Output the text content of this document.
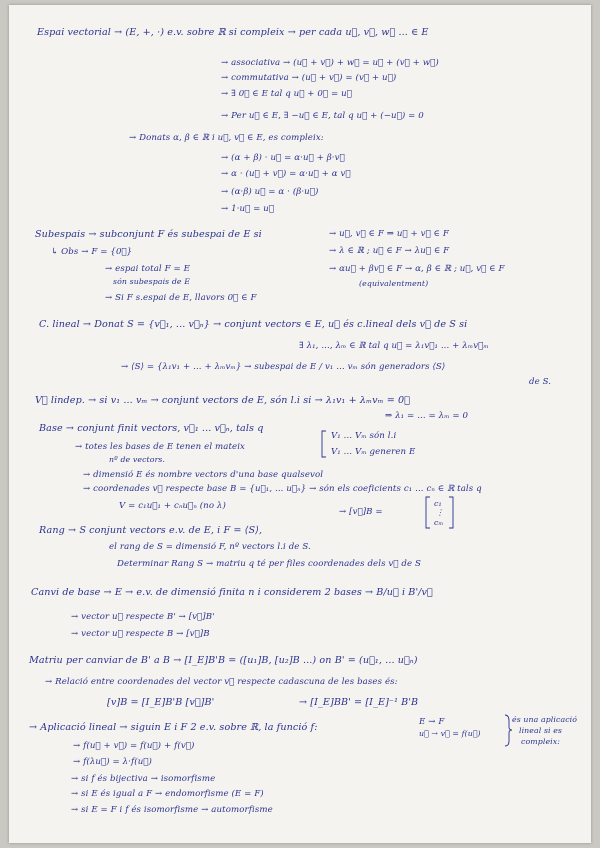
Espai vectorial → (E, +, ·) e.v. sobre ℝ si compleix → per cada u⃗, v⃗, w⃗ ... ∈ E
→ associativa → (u⃗ + v⃗) + w⃗ = u⃗ + (v⃗ + w⃗)
→ commutativa → (u⃗ + v⃗) = (v⃗ + u⃗)
→ ∃ 0⃗ ∈ E tal q u⃗ + 0⃗ = u⃗
→ Per u⃗ ∈ E, ∃ −u⃗ ∈ E, tal q u⃗ + (−u⃗) = 0
→ Donats α, β ∈ ℝ i u⃗, v⃗ ∈ E, es compleix:
→ (α + β) · u⃗ = α·u⃗ + β·v⃗
→ α · (u⃗ + v⃗) = α·u⃗ + α v⃗
→ (α·β) u⃗ = α · (β·u⃗)
→ 1·u⃗ = u⃗
Subespais → subconjunt F és subespai de E si	→ u⃗, v⃗ ∈ F ⇒ u⃗ + v⃗ ∈ F
↳ Obs → F = {0⃗}	→ λ ∈ ℝ ; u⃗ ∈ F → λu⃗ ∈ F
→ espai total F = E	→ αu⃗ + βv⃗ ∈ F → α, β ∈ ℝ ; u⃗, v⃗ ∈ F
són subespais de E	(equivalentment)
→ Si F s.espai de E, llavors 0⃗ ∈ F
C. lineal → Donat S = {v⃗₁, ... v⃗ₙ} → conjunt vectors ∈ E, u⃗ és c.lineal dels v⃗ de S si
∃ λ₁, ..., λₘ ∈ ℝ tal q u⃗ = λ₁v⃗₁ ... + λₘv⃗ₘ
→ ⟨S⟩ = {λ₁v₁ + ... + λₘvₘ} → subespai de E / v₁ ... vₘ són generadors ⟨S⟩
de S.
V⃗ lindep. → si v₁ ... vₘ → conjunt vectors de E, són l.i si → λ₁v₁ + λₘvₘ = 0⃗
⇒ λ₁ = ... = λₘ = 0
Base → conjunt finit vectors, v⃗₁ ... v⃗ₙ, tals q
V₁ ... Vₘ són l.i
→ totes les bases de E tenen el mateix	V₁ ... Vₘ generen E
nº de vectors.
→ dimensió E és nombre vectors d'una base qualsevol
→ coordenades v⃗ respecte base B = {u⃗₁, ... u⃗ₙ} → són els coeficients c₁ ... cₙ ∈ ℝ tals q
V = c₁u⃗₁ + cₙu⃗ₙ (no λ)
→ [v⃗]B =
c₁
⋮
cₘ
Rang → S conjunt vectors e.v. de E, i F = ⟨S⟩,
el rang de S = dimensió F, nº vectors l.i de S.
Determinar Rang S → matriu q té per files coordenades dels v⃗ de S
Canvi de base → E → e.v. de dimensió finita n i considerem 2 bases → B/u⃗ i B'/v⃗
→ vector u⃗ respecte B' → [v⃗]B'
→ vector u⃗ respecte B → [v⃗]B
Matriu per canviar de B' a B → [I_E]B'B = ([u₁]B, [u₂]B ...) on B' = (u⃗₁, ... u⃗ₙ)
→ Relació entre coordenades del vector v⃗ respecte cadascuna de les bases és:
[v]B = [I_E]B'B [v⃗]B'	→ [I_E]BB' = [I_E]⁻¹ B'B
→ Aplicació lineal → siguin E i F 2 e.v. sobre ℝ, la funció f:	E → F
u⃗ → v⃗ = f(u⃗)
és una aplicació
lineal si es
compleix:
→ f(u⃗ + v⃗) = f(u⃗) + f(v⃗)
→ f(λu⃗) = λ·f(u⃗)
→ si f és bijectiva → isomorfisme
→ si E és igual a F → endomorfisme (E = F)
→ si E = F i f és isomorfisme → automorfisme
